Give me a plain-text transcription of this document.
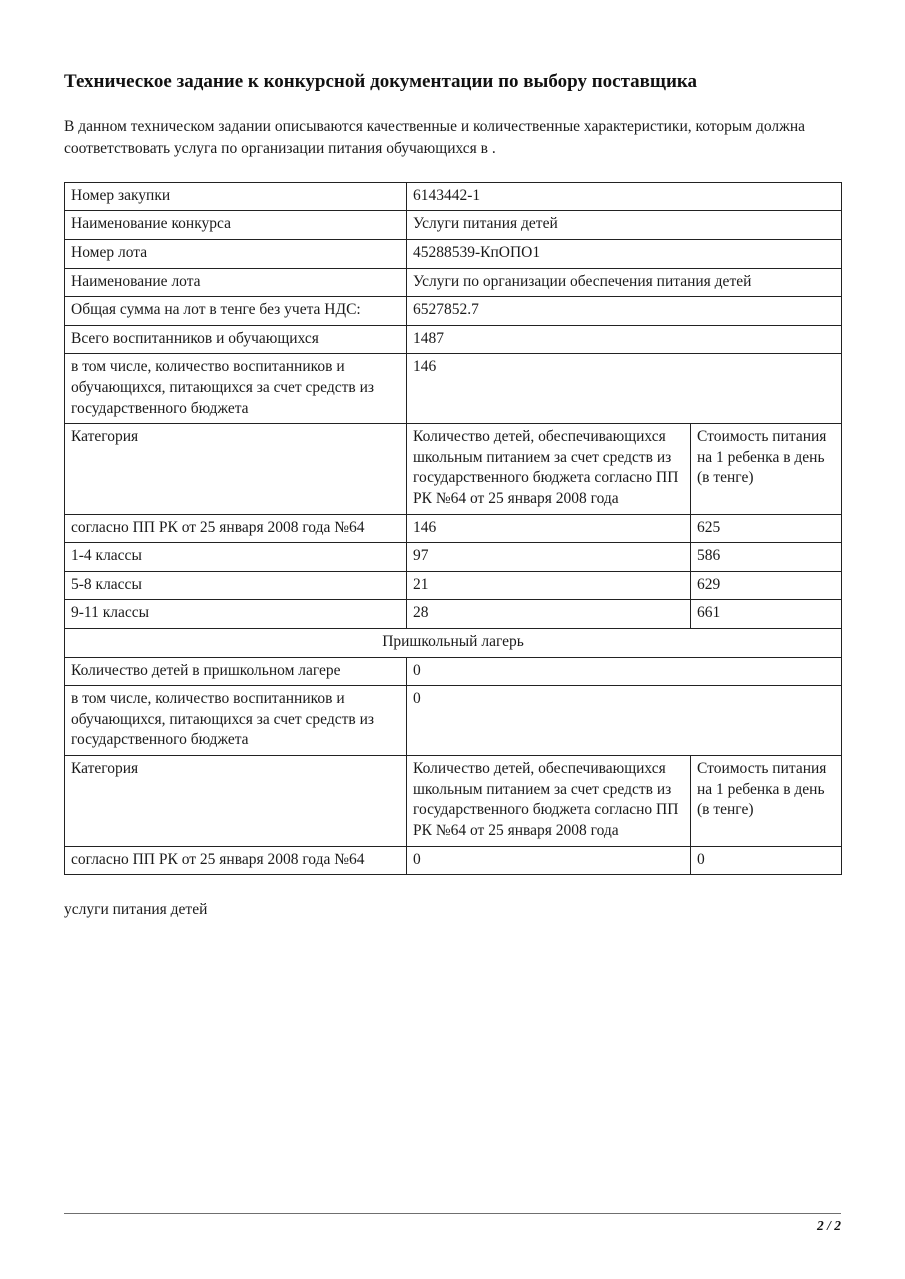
Техническое задание к конкурсной документации по выбору поставщика

В данном техническом задании описываются качественные и количественные характеристики, которым должна соответствовать услуга по организации питания обучающихся в .

Номер закупки	6143442-1	
Наименование конкурса	Услуги питания детей	
Номер лота	45288539-КпОПО1	
Наименование лота	Услуги по организации обеспечения питания детей	
Общая сумма на лот в тенге без учета НДС:	6527852.7	
Всего воспитанников и обучающихся	1487	
в том числе, количество воспитанников и обучающихся, питающихся за счет средств из государственного бюджета	146	
Категория	Количество детей, обеспечивающихся школьным питанием за счет средств из государственного бюджета согласно ПП РК №64 от 25 января 2008 года	Стоимость питания на 1 ребенка в день (в тенге)
согласно ПП РК от 25 января 2008 года №64	146	625
1-4 классы	97	586
5-8 классы	21	629
9-11 классы	28	661
Пришкольный лагерь		
Количество детей в пришкольном лагере	0	
в том числе, количество воспитанников и обучающихся, питающихся за счет средств из государственного бюджета	0	
Категория	Количество детей, обеспечивающихся школьным питанием за счет средств из государственного бюджета согласно ПП РК №64 от 25 января 2008 года	Стоимость питания на 1 ребенка в день (в тенге)
согласно ПП РК от 25 января 2008 года №64	0	0

услуги питания детей

2 / 2
